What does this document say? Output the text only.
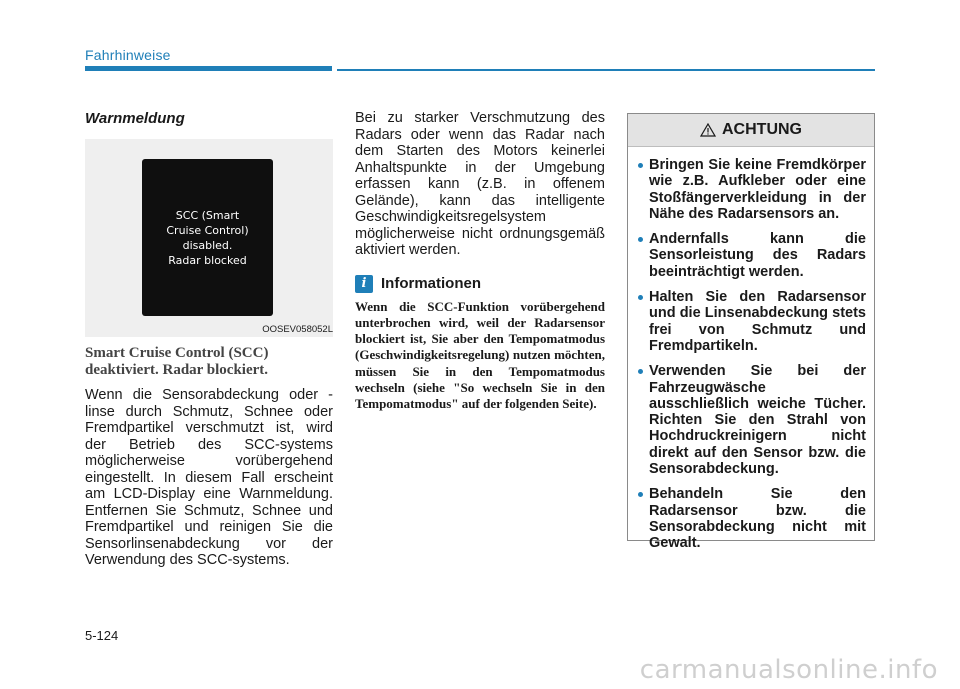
Fahrhinweise
Warnmeldung
SCC (Smart
Cruise Control)
disabled.
Radar blocked
OOSEV058052L
Smart Cruise Control (SCC) deaktiviert. Radar blockiert.

Wenn die Sensorabdeckung oder -linse durch Schmutz, Schnee oder Fremdpartikel verschmutzt ist, wird der Betrieb des SCC-systems möglicherweise vorübergehend eingestellt. In diesem Fall erscheint am LCD-Display eine Warnmeldung. Entfernen Sie Schmutz, Schnee und Fremdpartikel und reinigen Sie die Sensorlinsenabdeckung vor der Verwendung des SCC-systems.

Bei zu starker Verschmutzung des Radars oder wenn das Radar nach dem Starten des Motors keinerlei Anhaltspunkte in der Umgebung erfassen kann (z.B. in offenem Gelände), kann das intelligente Geschwindigkeitsregelsystem möglicherweise nicht ordnungsgemäß aktiviert werden.

i Informationen

Wenn die SCC-Funktion vorübergehend unterbrochen wird, weil der Radarsensor blockiert ist, Sie aber den Tempomatmodus (Geschwindigkeitsregelung) nutzen möchten, müssen Sie in den Tempomatmodus wechseln (siehe "So wechseln Sie in den Tempomatmodus" auf der folgenden Seite).

ACHTUNG
Bringen Sie keine Fremdkörper wie z.B. Aufkleber oder eine Stoßfängerverkleidung in der Nähe des Radarsensors an.
Andernfalls kann die Sensorleistung des Radars beeinträchtigt werden.
Halten Sie den Radarsensor und die Linsenabdeckung stets frei von Schmutz und Fremdpartikeln.
Verwenden Sie bei der Fahrzeugwäsche ausschließlich weiche Tücher. Richten Sie den Strahl von Hochdruckreinigern nicht direkt auf den Sensor bzw. die Sensorabdeckung.
Behandeln Sie den Radarsensor bzw. die Sensorabdeckung nicht mit Gewalt.
5-124
carmanualsonline.info
